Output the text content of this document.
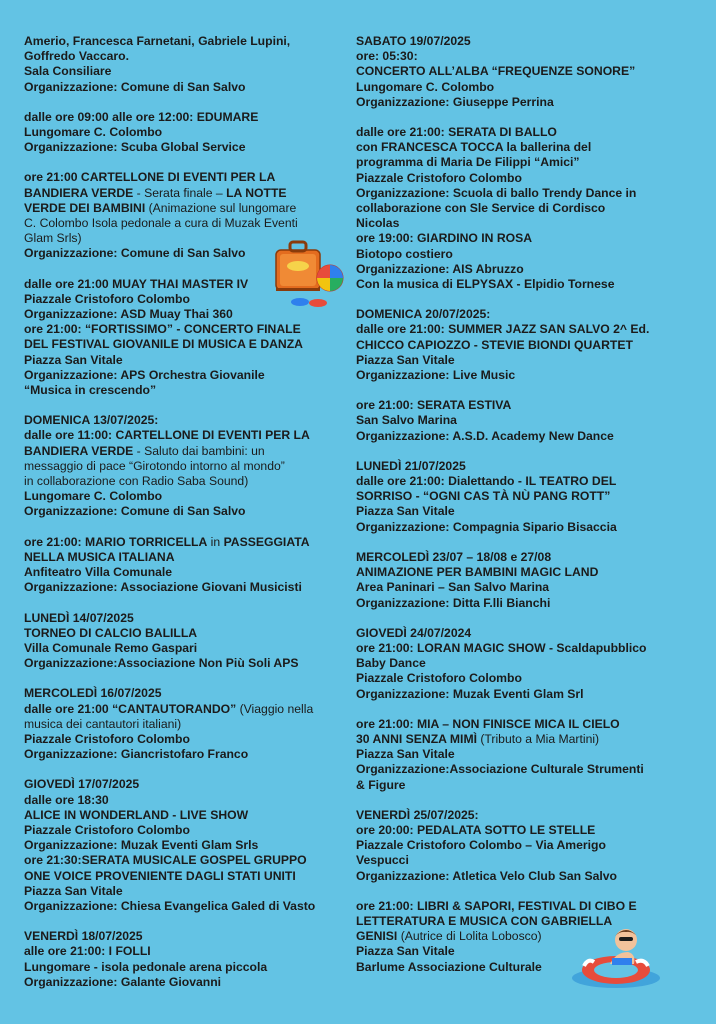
Amerio, Francesca Farnetani, Gabriele Lupini,
Goffredo Vaccaro.
Sala Consiliare
Organizzazione: Comune di San Salvo
dalle ore 09:00 alle ore 12:00: EDUMARE
Lungomare C. Colombo
Organizzazione: Scuba Global Service
ore 21:00 CARTELLONE DI EVENTI PER LA
BANDIERA VERDE - Serata finale – LA NOTTE
VERDE DEI BAMBINI (Animazione sul lungomare
C. Colombo Isola pedonale a cura di Muzak Eventi
Glam Srls)
Organizzazione: Comune di San Salvo
dalle ore 21:00 MUAY THAI MASTER IV
Piazzale Cristoforo Colombo
Organizzazione: ASD Muay Thai 360
ore 21:00: “FORTISSIMO” - CONCERTO FINALE
DEL FESTIVAL GIOVANILE DI MUSICA E DANZA
Piazza San Vitale
Organizzazione: APS Orchestra Giovanile
“Musica in crescendo”
DOMENICA 13/07/2025:
dalle ore 11:00: CARTELLONE DI EVENTI PER LA
BANDIERA VERDE - Saluto dai bambini: un
messaggio di pace “Girotondo intorno al mondo”
in collaborazione con Radio Saba Sound)
Lungomare C. Colombo
Organizzazione: Comune di San Salvo
ore 21:00: MARIO TORRICELLA in PASSEGGIATA
NELLA MUSICA ITALIANA
Anfiteatro Villa Comunale
Organizzazione: Associazione Giovani Musicisti
LUNEDÌ 14/07/2025
TORNEO DI CALCIO BALILLA
Villa Comunale Remo Gaspari
Organizzazione:Associazione Non Più Soli APS
MERCOLEDÌ 16/07/2025
dalle ore 21:00 “CANTAUTORANDO” (Viaggio nella
musica dei cantautori italiani)
Piazzale Cristoforo Colombo
Organizzazione: Giancristofaro Franco
GIOVEDÌ 17/07/2025
dalle ore 18:30
ALICE IN WONDERLAND - LIVE SHOW
Piazzale Cristoforo Colombo
Organizzazione: Muzak Eventi Glam Srls
ore 21:30:SERATA MUSICALE GOSPEL GRUPPO
ONE VOICE PROVENIENTE DAGLI STATI UNITI
Piazza San Vitale
Organizzazione: Chiesa Evangelica Galed di Vasto
VENERDÌ 18/07/2025
alle ore 21:00: I FOLLI
Lungomare - isola pedonale arena piccola
Organizzazione: Galante Giovanni
SABATO 19/07/2025
ore: 05:30:
CONCERTO ALL’ALBA “FREQUENZE SONORE”
Lungomare C. Colombo
Organizzazione: Giuseppe Perrina
dalle ore 21:00: SERATA DI BALLO
con FRANCESCA TOCCA la ballerina del
programma di Maria De Filippi “Amici”
Piazzale Cristoforo Colombo
Organizzazione: Scuola di ballo Trendy Dance in
collaborazione con Sle Service di Cordisco
Nicolas
ore 19:00: GIARDINO IN ROSA
Biotopo costiero
Organizzazione: AIS Abruzzo
Con la musica di ELPYSAX - Elpidio Tornese
DOMENICA 20/07/2025:
dalle ore 21:00: SUMMER JAZZ SAN SALVO 2^ Ed.
CHICCO CAPIOZZO - STEVIE BIONDI QUARTET
Piazza San Vitale
Organizzazione: Live Music
ore 21:00: SERATA ESTIVA
San Salvo Marina
Organizzazione: A.S.D. Academy New Dance
LUNEDÌ 21/07/2025
dalle ore 21:00: Dialettando - IL TEATRO DEL
SORRISO - “OGNI CAS TÀ NÙ PANG ROTT”
Piazza San Vitale
Organizzazione: Compagnia Sipario Bisaccia
MERCOLEDÌ 23/07 – 18/08 e 27/08
ANIMAZIONE PER BAMBINI MAGIC LAND
Area Paninari – San Salvo Marina
Organizzazione: Ditta F.lli Bianchi
GIOVEDÌ 24/07/2024
ore 21:00: LORAN MAGIC SHOW - Scaldapubblico
Baby Dance
Piazzale Cristoforo Colombo
Organizzazione: Muzak Eventi Glam Srl
ore 21:00: MIA – NON FINISCE MICA IL CIELO
30 ANNI SENZA MIMÌ (Tributo a Mia Martini)
Piazza San Vitale
Organizzazione:Associazione Culturale Strumenti
& Figure
VENERDÌ 25/07/2025:
ore 20:00: PEDALATA SOTTO LE STELLE
Piazzale Cristoforo Colombo – Via Amerigo
Vespucci
Organizzazione: Atletica Velo Club San Salvo
ore 21:00: LIBRI & SAPORI, FESTIVAL DI CIBO E
LETTERATURA E MUSICA CON GABRIELLA
GENISI (Autrice di Lolita Lobosco)
Piazza San Vitale
Barlume Associazione Culturale
